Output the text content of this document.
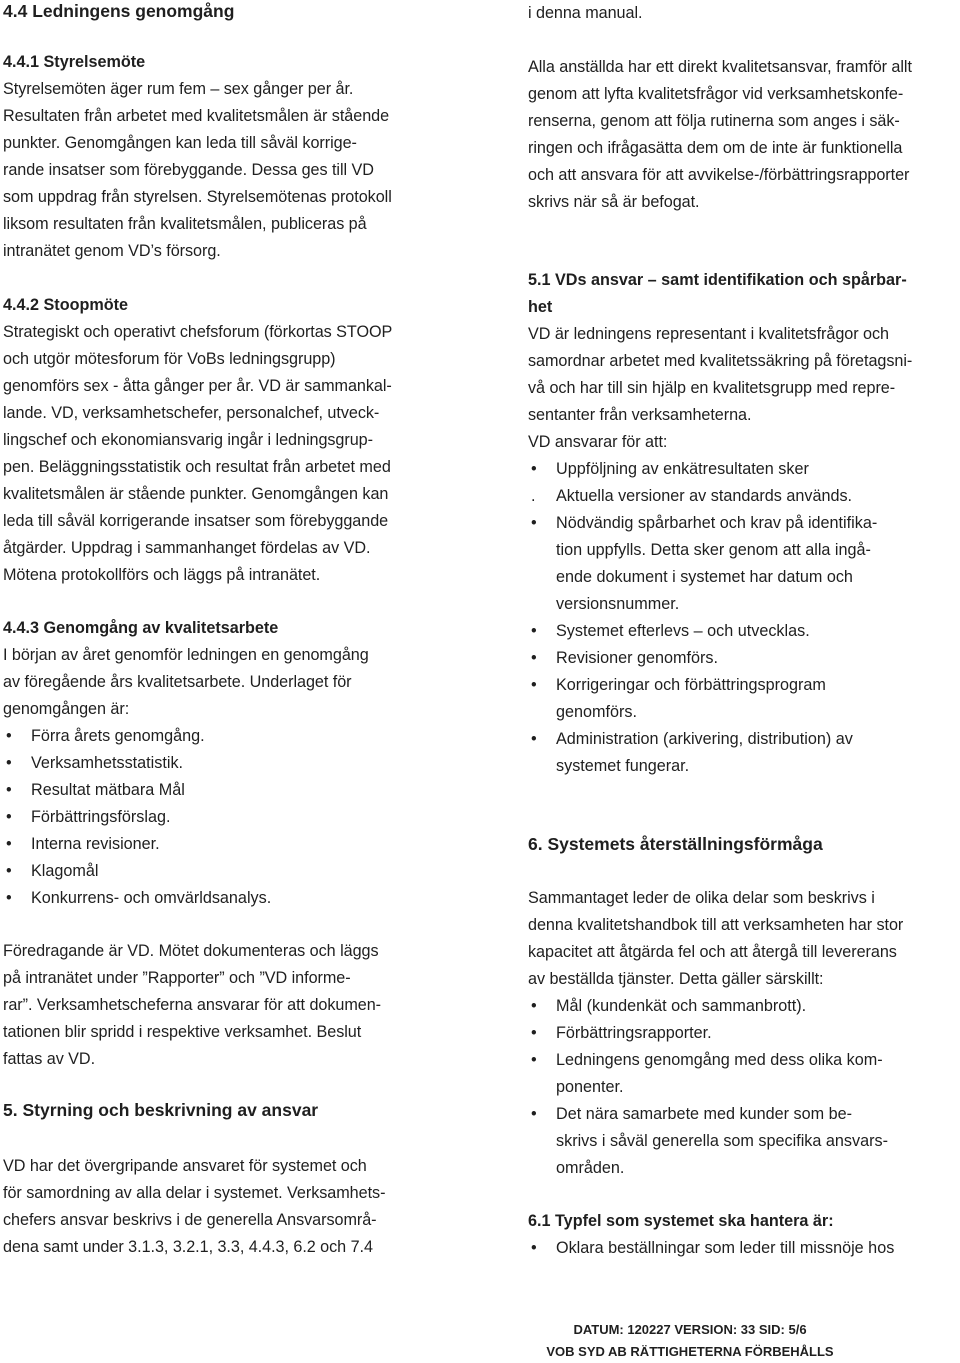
4.4 Ledningens genomgång
4.4.1 Styrelsemöte

Styrelsemöten äger rum fem – sex gånger per år.
Resultaten från arbetet med kvalitetsmålen är stående
punkter. Genomgången kan leda till såväl korrige-
rande insatser som förebyggande. Dessa ges till VD
som uppdrag från styrelsen. Styrelsemötenas protokoll
liksom resultaten från kvalitetsmålen, publiceras på
intranätet genom VD’s försorg.

4.4.2 Stoopmöte

Strategiskt och operativt chefsforum (förkortas STOOP
och utgör mötesforum för VoBs ledningsgrupp)
genomförs sex - åtta gånger per år. VD är sammankal-
lande. VD, verksamhetschefer, personalchef, utveck-
lingschef och ekonomiansvarig ingår i ledningsgrup-
pen. Beläggningsstatistik och resultat från arbetet med
kvalitetsmålen är stående punkter. Genomgången kan
leda till såväl korrigerande insatser som förebyggande
åtgärder. Uppdrag i sammanhanget fördelas av VD.
Mötena protokollförs och läggs på intranätet.

4.4.3 Genomgång av kvalitetsarbete

I början av året genomför ledningen en genomgång
av föregående års kvalitetsarbete. Underlaget för
genomgången är:

•	Förra årets genomgång.
•	Verksamhetsstatistik.
•	Resultat mätbara Mål
•	Förbättringsförslag.
•	Interna revisioner.
•	Klagomål
•	Konkurrens- och omvärldsanalys.

Föredragande är VD. Mötet dokumenteras och läggs
på intranätet under ”Rapporter” och ”VD informe-
rar”. Verksamhetscheferna ansvarar för att dokumen-
tationen blir spridd i respektive verksamhet. Beslut
fattas av VD.

5. Styrning och beskrivning av ansvar

VD har det övergripande ansvaret för systemet och
för samordning av alla delar i systemet. Verksamhets-
chefers ansvar beskrivs i de generella Ansvarsområ-
dena samt under 3.1.3, 3.2.1, 3.3, 4.4.3, 6.2 och 7.4

i denna manual.

Alla anställda har ett direkt kvalitetsansvar, framför allt
genom att lyfta kvalitetsfrågor vid verksamhetskonfe-
renserna, genom att följa rutinerna som anges i säk-
ringen och ifrågasätta dem om de inte är funktionella
och att ansvara för att avvikelse-/förbättringsrapporter
skrivs när så är befogat.

5.1 VDs ansvar – samt identifikation och spårbar-
het

VD är ledningens representant i kvalitetsfrågor och
samordnar arbetet med kvalitetssäkring på företagsni-
vå och har till sin hjälp en kvalitetsgrupp med repre-
sentanter från verksamheterna.
VD ansvarar för att:

•	Uppföljning av enkätresultaten sker
.	Aktuella versioner av standards används.
•	Nödvändig spårbarhet och krav på identifika-
tion uppfylls. Detta sker genom att alla ingå-
ende dokument i systemet har datum och
versionsnummer.
•	Systemet efterlevs – och utvecklas.
•	Revisioner genomförs.
•	Korrigeringar och förbättringsprogram
genomförs.
•	Administration (arkivering, distribution) av
systemet fungerar.
6. Systemets återställningsförmåga

Sammantaget leder de olika delar som beskrivs i
denna kvalitetshandbok till att verksamheten har stor
kapacitet att åtgärda fel och att återgå till levererans
av beställda tjänster. Detta gäller särskillt:

•	Mål (kundenkät och sammanbrott).
•	Förbättringsrapporter.
•	Ledningens genomgång med dess olika kom-
ponenter.
•	Det nära samarbete med kunder som be-
skrivs i såväl generella som specifika ansvars-
områden.
6.1 Typfel som systemet ska hantera är:
•	Oklara beställningar som leder till missnöje hos
DATUM: 120227 VERSION: 33 SID: 5/6
VOB SYD AB RÄTTIGHETERNA FÖRBEHÅLLS
